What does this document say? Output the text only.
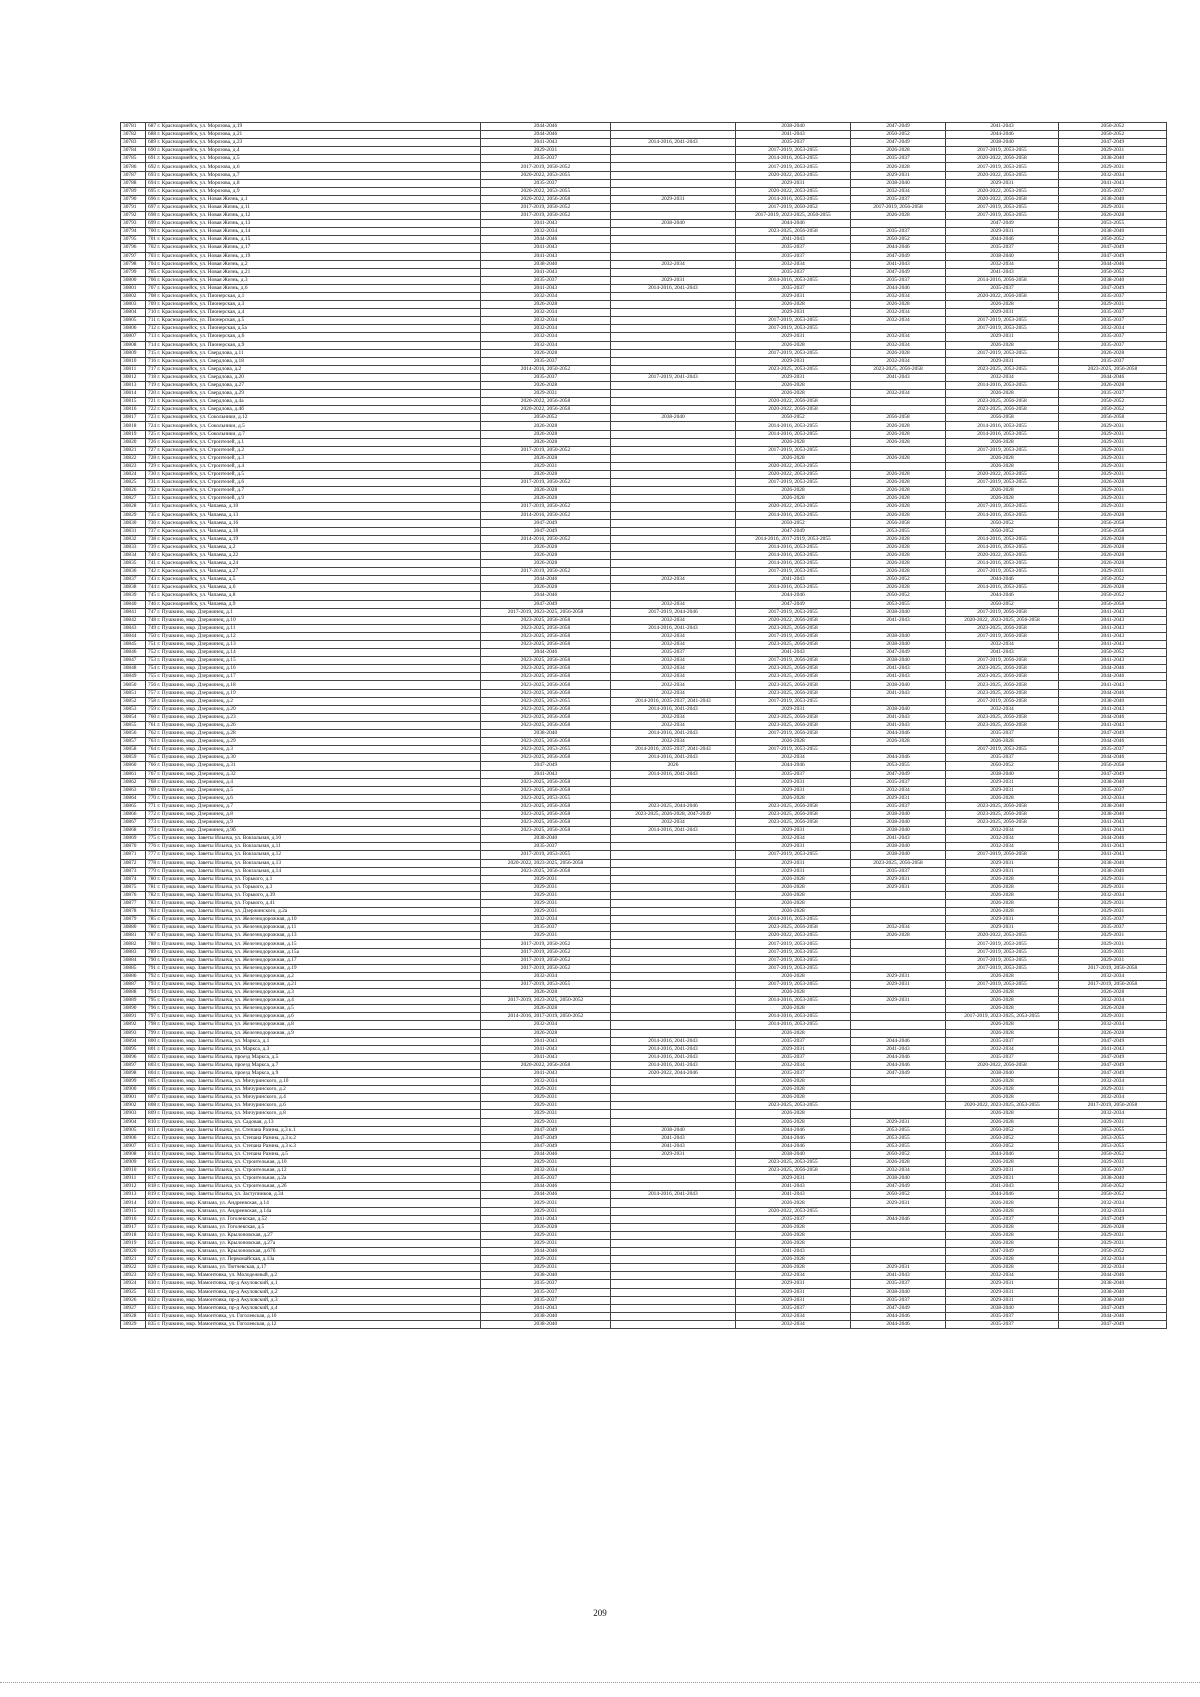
30781	687 г. Красноармейск, ул. Морозова, д.19	2044-2046		2038-2040	2047-2049	2041-2043	2050-2052
30782	688 г. Красноармейск, ул. Морозова, д.21	2044-2046		2041-2043	2050-2052	2044-2046	2050-2052
30783	689 г. Красноармейск, ул. Морозова, д.23	2041-2043	2014-2016, 2041-2043	2035-2037	2047-2049	2038-2040	2047-2049
30784	690 г. Красноармейск, ул. Морозова, д.4	2029-2031		2017-2019, 2053-2055	2026-2028	2017-2019, 2053-2055	2029-2031
30785	691 г. Красноармейск, ул. Морозова, д.5	2035-2037		2014-2016, 2053-2055	2035-2037	2020-2022, 2056-2058	2038-2040
30786	692 г. Красноармейск, ул. Морозова, д.6	2017-2019, 2050-2052		2017-2019, 2053-2055	2026-2028	2017-2019, 2053-2055	2029-2031
30787	693 г. Красноармейск, ул. Морозова, д.7	2020-2022, 2053-2055		2020-2022, 2053-2055	2029-2031	2020-2022, 2053-2055	2032-2034
30788	694 г. Красноармейск, ул. Морозова, д.8	2035-2037		2029-2031	2038-2040	2029-2031	2041-2043
30789	695 г. Красноармейск, ул. Морозова, д.9	2020-2022, 2053-2055		2020-2022, 2053-2055	2032-2034	2020-2022, 2053-2055	2035-2037
30790	696 г. Красноармейск, ул. Новая Жизнь, д.1	2020-2022, 2056-2058	2029-2031	2014-2016, 2053-2055	2035-2037	2020-2022, 2056-2058	2038-2040
30791	697 г. Красноармейск, ул. Новая Жизнь, д.11	2017-2019, 2050-2052		2017-2019, 2050-2052	2017-2019, 2056-2058	2017-2019, 2053-2055	2029-2031
30792	698 г. Красноармейск, ул. Новая Жизнь, д.12	2017-2019, 2050-2052		2017-2019, 2023-2025, 2050-2055	2026-2028	2017-2019, 2053-2055	2026-2028
30793	699 г. Красноармейск, ул. Новая Жизнь, д.13	2041-2043	2038-2040	2044-2046		2047-2049	2053-2055
30794	700 г. Красноармейск, ул. Новая Жизнь, д.14	2032-2034		2023-2025, 2056-2058	2035-2037	2029-2031	2038-2040
30795	701 г. Красноармейск, ул. Новая Жизнь, д.15	2044-2046		2041-2043	2050-2052	2044-2046	2050-2052
30796	702 г. Красноармейск, ул. Новая Жизнь, д.17	2041-2043		2035-2037	2044-2046	2035-2037	2047-2049
30797	703 г. Красноармейск, ул. Новая Жизнь, д.19	2041-2043		2035-2037	2047-2049	2038-2040	2047-2049
30798	704 г. Красноармейск, ул. Новая Жизнь, д.2	2038-2040	2032-2034	2032-2034	2041-2043	2032-2034	2044-2046
30799	705 г. Красноармейск, ул. Новая Жизнь, д.21	2041-2043		2035-2037	2047-2049	2041-2043	2050-2052
30800	706 г. Красноармейск, ул. Новая Жизнь, д.3	2035-2037	2029-2031	2014-2016, 2053-2055	2035-2037	2014-2016, 2056-2058	2038-2040
30801	707 г. Красноармейск, ул. Новая Жизнь, д.6	2041-2043	2014-2016, 2041-2043	2035-2037	2044-2046	2035-2037	2047-2049
30802	708 г. Красноармейск, ул. Пионерская, д.1	2032-2034		2029-2031	2032-2034	2020-2022, 2056-2058	2035-2037
30803	709 г. Красноармейск, ул. Пионерская, д.3	2026-2028		2026-2028	2026-2028	2026-2028	2029-2031
30804	710 г. Красноармейск, ул. Пионерская, д.4	2032-2034		2029-2031	2032-2034	2029-2031	2035-2037
30805	711 г. Красноармейск, ул. Пионерская, д.5	2032-2034		2017-2019, 2053-2055	2032-2034	2017-2019, 2053-2055	2035-2037
30806	712 г. Красноармейск, ул. Пионерская, д.5а	2032-2034		2017-2019, 2053-2055		2017-2019, 2053-2055	2032-2034
30807	713 г. Красноармейск, ул. Пионерская, д.6	2032-2034		2029-2031	2032-2034	2029-2031	2035-2037
30808	714 г. Красноармейск, ул. Пионерская, д.9	2032-2034		2026-2028	2032-2034	2026-2028	2035-2037
30809	715 г. Красноармейск, ул. Свердлова, д.11	2026-2028		2017-2019, 2053-2055	2026-2028	2017-2019, 2053-2055	2026-2028
30810	716 г. Красноармейск, ул. Свердлова, д.18	2035-2037		2029-2031	2032-2034	2029-2031	2035-2037
30811	717 г. Красноармейск, ул. Свердлова, д.2	2014-2016, 2050-2052		2023-2025, 2053-2055	2023-2025, 2056-2058	2023-2025, 2053-2055	2023-2025, 2056-2058
30812	718 г. Красноармейск, ул. Свердлова, д.20	2035-2037	2017-2019, 2041-2043	2029-2031	2041-2043	2032-2034	2044-2046
30813	719 г. Красноармейск, ул. Свердлова, д.27	2026-2028		2026-2028		2014-2016, 2053-2055	2026-2028
30814	720 г. Красноармейск, ул. Свердлова, д.29	2029-2031		2026-2028	2032-2034	2026-2028	2035-2037
30815	721 г. Красноармейск, ул. Свердлова, д.4а	2020-2022, 2056-2058		2020-2022, 2056-2058		2023-2025, 2056-2058	2050-2052
30816	722 г. Красноармейск, ул. Свердлова, д.4б	2020-2022, 2056-2058		2020-2022, 2056-2058		2023-2025, 2056-2058	2050-2052
30817	723 г. Красноармейск, ул. Сокольники, д.12	2050-2052	2038-2040	2050-2052	2056-2058	2056-2058	2056-2058
30818	724 г. Красноармейск, ул. Сокольники, д.5	2026-2028		2014-2016, 2053-2055	2026-2028	2014-2016, 2053-2055	2029-2031
30819	725 г. Красноармейск, ул. Сокольники, д.7	2026-2028		2014-2016, 2053-2055	2026-2028	2014-2016, 2053-2055	2029-2031
30820	726 г. Красноармейск, ул. Строителей, д.1	2026-2028		2026-2028	2026-2028	2026-2028	2029-2031
30821	727 г. Красноармейск, ул. Строителей, д.2	2017-2019, 2050-2052		2017-2019, 2053-2055		2017-2019, 2053-2055	2029-2031
30822	728 г. Красноармейск, ул. Строителей, д.3	2026-2028		2026-2028	2026-2028	2026-2028	2029-2031
30823	729 г. Красноармейск, ул. Строителей, д.4	2029-2031		2020-2022, 2053-2055		2026-2028	2029-2031
30824	730 г. Красноармейск, ул. Строителей, д.5	2026-2028		2020-2022, 2053-2055	2026-2028	2020-2022, 2053-2055	2029-2031
30825	731 г. Красноармейск, ул. Строителей, д.6	2017-2019, 2050-2052		2017-2019, 2053-2055	2026-2028	2017-2019, 2053-2055	2026-2028
30826	732 г. Красноармейск, ул. Строителей, д.7	2026-2028		2026-2028	2026-2028	2026-2028	2029-2031
30827	733 г. Красноармейск, ул. Строителей, д.9	2026-2028		2026-2028	2026-2028	2026-2028	2029-2031
30828	734 г. Красноармейск, ул. Чапаева, д.10	2017-2019, 2050-2052		2020-2022, 2053-2055	2026-2028	2017-2019, 2053-2055	2029-2031
30829	735 г. Красноармейск, ул. Чапаева, д.13	2014-2016, 2050-2052		2014-2016, 2053-2055	2026-2028	2014-2016, 2053-2055	2026-2028
30830	736 г. Красноармейск, ул. Чапаева, д.16	2047-2049		2050-2052	2056-2058	2050-2052	2056-2058
30831	737 г. Красноармейск, ул. Чапаева, д.18	2047-2049		2047-2049	2053-2055	2050-2052	2056-2058
30832	738 г. Красноармейск, ул. Чапаева, д.19	2014-2016, 2050-2052		2014-2016, 2017-2019, 2053-2055	2026-2028	2014-2016, 2053-2055	2026-2028
30833	739 г. Красноармейск, ул. Чапаева, д.2	2026-2028		2014-2016, 2053-2055	2026-2028	2014-2016, 2053-2055	2026-2028
30834	740 г. Красноармейск, ул. Чапаева, д.22	2026-2028		2014-2016, 2053-2055	2026-2028	2020-2022, 2053-2055	2026-2028
30835	741 г. Красноармейск, ул. Чапаева, д.24	2026-2028		2014-2016, 2053-2055	2026-2028	2014-2016, 2053-2055	2026-2028
30836	742 г. Красноармейск, ул. Чапаева, д.27	2017-2019, 2050-2052		2017-2019, 2053-2055	2026-2028	2017-2019, 2053-2055	2029-2031
30837	743 г. Красноармейск, ул. Чапаева, д.5	2044-2046	2032-2034	2041-2043	2050-2052	2044-2046	2050-2052
30838	744 г. Красноармейск, ул. Чапаева, д.6	2026-2028		2014-2016, 2053-2055	2026-2028	2014-2016, 2053-2055	2026-2028
30839	745 г. Красноармейск, ул. Чапаева, д.8	2044-2046		2044-2046	2050-2052	2044-2046	2050-2052
30840	746 г. Красноармейск, ул. Чапаева, д.9	2047-2049	2032-2034	2047-2049	2053-2055	2050-2052	2056-2058
30841	747 г. Пушкино, мкр. Дзержинец, д.1	2017-2019, 2023-2025, 2056-2058	2017-2019, 2044-2046	2017-2019, 2053-2055	2038-2040	2017-2019, 2056-2058	2041-2043
30842	748 г. Пушкино, мкр. Дзержинец, д.10	2023-2025, 2056-2058	2032-2034	2020-2022, 2056-2058	2041-2043	2020-2022, 2023-2025, 2056-2058	2041-2043
30843	749 г. Пушкино, мкр. Дзержинец, д.11	2023-2025, 2056-2058	2014-2016, 2041-2043	2023-2025, 2056-2058		2023-2025, 2056-2058	2041-2043
30844	750 г. Пушкино, мкр. Дзержинец, д.12	2023-2025, 2056-2058	2032-2034	2017-2019, 2056-2058	2038-2040	2017-2019, 2056-2058	2041-2043
30845	751 г. Пушкино, мкр. Дзержинец, д.13	2023-2025, 2056-2058	2032-2034	2023-2025, 2056-2058	2038-2040	2032-2034	2041-2043
30846	752 г. Пушкино, мкр. Дзержинец, д.14	2044-2046	2035-2037	2041-2043	2047-2049	2041-2043	2050-2052
30847	753 г. Пушкино, мкр. Дзержинец, д.15	2023-2025, 2056-2058	2032-2034	2017-2019, 2056-2058	2038-2040	2017-2019, 2056-2058	2041-2043
30848	754 г. Пушкино, мкр. Дзержинец, д.16	2023-2025, 2056-2058	2032-2034	2023-2025, 2056-2058	2041-2043	2023-2025, 2056-2058	2044-2046
30849	755 г. Пушкино, мкр. Дзержинец, д.17	2023-2025, 2056-2058	2032-2034	2023-2025, 2056-2058	2041-2043	2023-2025, 2056-2058	2044-2046
30850	756 г. Пушкино, мкр. Дзержинец, д.18	2023-2025, 2056-2058	2032-2034	2023-2025, 2056-2058	2038-2040	2023-2025, 2056-2058	2041-2043
30851	757 г. Пушкино, мкр. Дзержинец, д.19	2023-2025, 2056-2058	2032-2034	2023-2025, 2056-2058	2041-2043	2023-2025, 2056-2058	2044-2046
30852	758 г. Пушкино, мкр. Дзержинец, д.2	2023-2025, 2053-2055	2014-2016, 2035-2037, 2041-2043	2017-2019, 2053-2055		2017-2019, 2056-2058	2038-2040
30853	759 г. Пушкино, мкр. Дзержинец, д.20	2023-2025, 2056-2058	2014-2016, 2041-2043	2029-2031	2038-2040	2032-2034	2041-2043
30854	760 г. Пушкино, мкр. Дзержинец, д.23	2023-2025, 2056-2058	2032-2034	2023-2025, 2056-2058	2041-2043	2023-2025, 2056-2058	2044-2046
30855	761 г. Пушкино, мкр. Дзержинец, д.26	2023-2025, 2056-2058	2032-2034	2023-2025, 2056-2058	2041-2043	2023-2025, 2056-2058	2041-2043
30856	762 г. Пушкино, мкр. Дзержинец, д.28	2038-2040	2014-2016, 2041-2043	2017-2019, 2056-2058	2044-2046	2035-2037	2047-2049
30857	763 г. Пушкино, мкр. Дзержинец, д.29	2023-2025, 2056-2058	2032-2034	2026-2028	2026-2028	2026-2028	2044-2046
30858	764 г. Пушкино, мкр. Дзержинец, д.3	2023-2025, 2053-2055	2014-2016, 2035-2037, 2041-2043	2017-2019, 2053-2055		2017-2019, 2053-2055	2035-2037
30859	765 г. Пушкино, мкр. Дзержинец, д.30	2023-2025, 2056-2058	2014-2016, 2041-2043	2032-2034	2044-2046	2035-2037	2044-2046
30860	766 г. Пушкино, мкр. Дзержинец, д.31	2047-2049	2026	2044-2046	2053-2055	2050-2052	2056-2058
30861	767 г. Пушкино, мкр. Дзержинец, д.32	2041-2043	2014-2016, 2041-2043	2035-2037	2047-2049	2038-2040	2047-2049
30862	768 г. Пушкино, мкр. Дзержинец, д.4	2023-2025, 2056-2058		2029-2031	2035-2037	2029-2031	2038-2040
30863	769 г. Пушкино, мкр. Дзержинец, д.5	2023-2025, 2056-2058		2029-2031	2032-2034	2029-2031	2035-2037
30864	770 г. Пушкино, мкр. Дзержинец, д.6	2023-2025, 2053-2055		2026-2028	2029-2031	2026-2028	2032-2034
30865	771 г. Пушкино, мкр. Дзержинец, д.7	2023-2025, 2056-2058	2023-2025, 2044-2046	2023-2025, 2056-2058	2035-2037	2023-2025, 2056-2058	2038-2040
30866	772 г. Пушкино, мкр. Дзержинец, д.8	2023-2025, 2056-2058	2023-2025, 2026-2028, 2047-2049	2023-2025, 2056-2058	2038-2040	2023-2025, 2056-2058	2038-2040
30867	773 г. Пушкино, мкр. Дзержинец, д.9	2023-2025, 2056-2058	2032-2034	2023-2025, 2056-2058	2038-2040	2023-2025, 2056-2058	2041-2043
30868	774 г. Пушкино, мкр. Дзержинец, д.9б	2023-2025, 2056-2058	2014-2016, 2041-2043	2029-2031	2038-2040	2032-2034	2041-2043
30869	775 г. Пушкино, мкр. Заветы Ильича, ул. Вокзальная, д.10	2038-2040		2032-2034	2041-2043	2032-2034	2044-2046
30870	776 г. Пушкино, мкр. Заветы Ильича, ул. Вокзальная, д.11	2035-2037		2029-2031	2038-2040	2032-2034	2041-2043
30871	777 г. Пушкино, мкр. Заветы Ильича, ул. Вокзальная, д.12	2017-2019, 2053-2055		2017-2019, 2053-2055	2038-2040	2017-2019, 2056-2058	2041-2043
30872	778 г. Пушкино, мкр. Заветы Ильича, ул. Вокзальная, д.13	2020-2022, 2023-2025, 2056-2058		2029-2031	2023-2025, 2056-2058	2029-2031	2038-2040
30873	779 г. Пушкино, мкр. Заветы Ильича, ул. Вокзальная, д.14	2023-2025, 2056-2058		2029-2031	2035-2037	2029-2031	2038-2040
30874	780 г. Пушкино, мкр. Заветы Ильича, ул. Горького, д.1	2029-2031		2026-2028	2029-2031	2026-2028	2029-2031
30875	781 г. Пушкино, мкр. Заветы Ильича, ул. Горького, д.3	2029-2031		2026-2028	2029-2031	2026-2028	2029-2031
30876	782 г. Пушкино, мкр. Заветы Ильича, ул. Горького, д.39	2029-2031		2026-2028		2026-2028	2032-2034
30877	783 г. Пушкино, мкр. Заветы Ильича, ул. Горького, д.41	2029-2031		2026-2028		2026-2028	2029-2031
30878	784 г. Пушкино, мкр. Заветы Ильича, ул. Дзержинского, д.2а	2029-2031		2026-2028		2026-2028	2029-2031
30879	785 г. Пушкино, мкр. Заветы Ильича, ул. Железнодорожная, д.10	2032-2034		2014-2016, 2053-2055		2029-2031	2035-2037
30880	786 г. Пушкино, мкр. Заветы Ильича, ул. Железнодорожная, д.11	2035-2037		2023-2025, 2056-2058	2032-2034	2029-2031	2035-2037
30881	787 г. Пушкино, мкр. Заветы Ильича, ул. Железнодорожная, д.13	2029-2031		2020-2022, 2053-2055	2026-2028	2020-2022, 2053-2055	2029-2031
30882	788 г. Пушкино, мкр. Заветы Ильича, ул. Железнодорожная, д.15	2017-2019, 2050-2052		2017-2019, 2053-2055		2017-2019, 2053-2055	2029-2031
30883	789 г. Пушкино, мкр. Заветы Ильича, ул. Железнодорожная, д.15а	2017-2019, 2050-2052		2017-2019, 2053-2055		2017-2019, 2053-2055	2029-2031
30884	790 г. Пушкино, мкр. Заветы Ильича, ул. Железнодорожная, д.17	2017-2019, 2050-2052		2017-2019, 2053-2055		2017-2019, 2053-2055	2029-2031
30885	791 г. Пушкино, мкр. Заветы Ильича, ул. Железнодорожная, д.19	2017-2019, 2050-2052		2017-2019, 2053-2055		2017-2019, 2053-2055	2017-2019, 2056-2058
30886	792 г. Пушкино, мкр. Заветы Ильича, ул. Железнодорожная, д.2	2032-2034		2026-2028	2029-2031	2026-2028	2032-2034
30887	793 г. Пушкино, мкр. Заветы Ильича, ул. Железнодорожная, д.21	2017-2019, 2053-2055		2017-2019, 2053-2055	2029-2031	2017-2019, 2053-2055	2017-2019, 2056-2058
30888	794 г. Пушкино, мкр. Заветы Ильича, ул. Железнодорожная, д.3	2026-2028		2026-2028		2026-2028	2026-2028
30889	795 г. Пушкино, мкр. Заветы Ильича, ул. Железнодорожная, д.4	2017-2019, 2023-2025, 2050-2052		2014-2016, 2053-2055	2029-2031	2026-2028	2032-2034
30890	796 г. Пушкино, мкр. Заветы Ильича, ул. Железнодорожная, д.5	2026-2028		2026-2028		2026-2028	2026-2028
30891	797 г. Пушкино, мкр. Заветы Ильича, ул. Железнодорожная, д.6	2014-2016, 2017-2019, 2050-2052		2014-2016, 2053-2055		2017-2019, 2023-2025, 2053-2055	2029-2031
30892	798 г. Пушкино, мкр. Заветы Ильича, ул. Железнодорожная, д.8	2032-2034		2014-2016, 2053-2055		2026-2028	2032-2034
30893	799 г. Пушкино, мкр. Заветы Ильича, ул. Железнодорожная, д.9	2026-2028		2026-2028		2026-2028	2026-2028
30894	800 г. Пушкино, мкр. Заветы Ильича, ул. Маркса, д.1	2041-2043	2014-2016, 2041-2043	2035-2037	2044-2046	2035-2037	2047-2049
30895	801 г. Пушкино, мкр. Заветы Ильича, ул. Маркса, д.3	2041-2043	2014-2016, 2041-2043	2029-2031	2041-2043	2032-2034	2041-2043
30896	802 г. Пушкино, мкр. Заветы Ильича, проезд Маркса, д.5	2041-2043	2014-2016, 2041-2043	2035-2037	2044-2046	2035-2037	2047-2049
30897	803 г. Пушкино, мкр. Заветы Ильича, проезд Маркса, д.7	2020-2022, 2056-2058	2014-2016, 2041-2043	2032-2034	2044-2046	2020-2022, 2056-2058	2047-2049
30898	804 г. Пушкино, мкр. Заветы Ильича, проезд Маркса, д.9	2041-2043	2020-2022, 2044-2046	2035-2037	2047-2049	2038-2040	2047-2049
30899	805 г. Пушкино, мкр. Заветы Ильича, ул. Мичуринского, д.10	2032-2034		2026-2028		2026-2028	2032-2034
30900	806 г. Пушкино, мкр. Заветы Ильича, ул. Мичуринского, д.2	2029-2031		2026-2028		2026-2028	2029-2031
30901	807 г. Пушкино, мкр. Заветы Ильича, ул. Мичуринского, д.4	2029-2031		2026-2028		2026-2028	2032-2034
30902	808 г. Пушкино, мкр. Заветы Ильича, ул. Мичуринского, д.6	2029-2031		2023-2025, 2053-2055		2020-2022, 2023-2025, 2053-2055	2017-2019, 2056-2058
30903	809 г. Пушкино, мкр. Заветы Ильича, ул. Мичуринского, д.8	2029-2031		2026-2028		2026-2028	2032-2034
30904	810 г. Пушкино, мкр. Заветы Ильича, ул. Садовая, д.13	2029-2031		2026-2028	2029-2031	2026-2028	2029-2031
30905	811 г. Пушкино, мкр. Заветы Ильича, ул. Степана Разина, д.3 к.1	2047-2049	2038-2040	2044-2046	2053-2055	2050-2052	2053-2055
30906	812 г. Пушкино, мкр. Заветы Ильича, ул. Степана Разина, д.3 к.2	2047-2049	2041-2043	2044-2046	2053-2055	2050-2052	2053-2055
30907	813 г. Пушкино, мкр. Заветы Ильича, ул. Степана Разина, д.3 к.3	2047-2049	2041-2043	2044-2046	2053-2055	2050-2052	2053-2055
30908	814 г. Пушкино, мкр. Заветы Ильича, ул. Степана Разина, д.5	2044-2046	2029-2031	2038-2040	2050-2052	2044-2046	2050-2052
30909	815 г. Пушкино, мкр. Заветы Ильича, ул. Строительная, д.10	2029-2031		2023-2025, 2053-2055	2026-2028	2026-2028	2029-2031
30910	816 г. Пушкино, мкр. Заветы Ильича, ул. Строительная, д.12	2032-2034		2023-2025, 2056-2058	2032-2034	2029-2031	2035-2037
30911	817 г. Пушкино, мкр. Заветы Ильича, ул. Строительная, д.2а	2035-2037		2029-2031	2038-2040	2029-2031	2038-2040
30912	818 г. Пушкино, мкр. Заветы Ильича, ул. Строительная, д.2б	2044-2046		2041-2043	2047-2049	2041-2043	2050-2052
30913	819 г. Пушкино, мкр. Заветы Ильича, ул. Заступников, д.34	2044-2046	2014-2016, 2041-2043	2041-2043	2050-2052	2044-2046	2050-2052
30914	820 г. Пушкино, мкр. Клязьма, ул. Андреевская, д.14	2029-2031		2026-2028	2029-2031	2026-2028	2032-2034
30915	821 г. Пушкино, мкр. Клязьма, ул. Андреевская, д.14а	2029-2031		2020-2022, 2053-2055		2026-2028	2032-2034
30916	822 г. Пушкино, мкр. Клязьма, ул. Гоголевская, д.52	2041-2043		2035-2037	2044-2046	2035-2037	2047-2049
30917	823 г. Пушкино, мкр. Клязьма, ул. Гоголевская, д.5	2026-2028		2026-2028		2026-2028	2026-2028
30918	824 г. Пушкино, мкр. Клязьма, ул. Крылоновская, д.27	2029-2031		2026-2028		2026-2028	2029-2031
30919	825 г. Пушкино, мкр. Клязьма, ул. Крылоновская, д.27а	2029-2031		2026-2028		2026-2028	2029-2031
30920	826 г. Пушкино, мкр. Клязьма, ул. Крылоновская, д.67б	2044-2046		2041-2043		2047-2049	2050-2052
30921	827 г. Пушкино, мкр. Клязьма, ул. Первомайская, д.13а	2029-2031		2026-2028		2026-2028	2032-2034
30922	828 г. Пушкино, мкр. Клязьма, ул. Тютчевская, д.17	2029-2031		2026-2028	2029-2031	2026-2028	2032-2034
30923	829 г. Пушкино, мкр. Мамонтовка, ул. Молодежный, д.2	2038-2040		2032-2034	2041-2043	2032-2034	2044-2046
30924	830 г. Пушкино, мкр. Мамонтовка, пр-д Акуловский, д.1	2035-2037		2029-2031	2035-2037	2029-2031	2038-2040
30925	831 г. Пушкино, мкр. Мамонтовка, пр-д Акуловский, д.2	2035-2037		2029-2031	2038-2040	2029-2031	2038-2040
30926	832 г. Пушкино, мкр. Мамонтовка, пр-д Акуловский, д.3	2035-2037		2029-2031	2035-2037	2029-2031	2038-2040
30927	833 г. Пушкино, мкр. Мамонтовка, пр-д Акуловский, д.4	2041-2043		2035-2037	2047-2049	2038-2040	2047-2049
30928	834 г. Пушкино, мкр. Мамонтовка, ул. Гоголевская, д.10	2038-2040		2032-2034	2044-2046	2035-2037	2044-2046
30929	835 г. Пушкино, мкр. Мамонтовка, ул. Гоголевская, д.12	2038-2040		2032-2034	2044-2046	2035-2037	2047-2049
209
